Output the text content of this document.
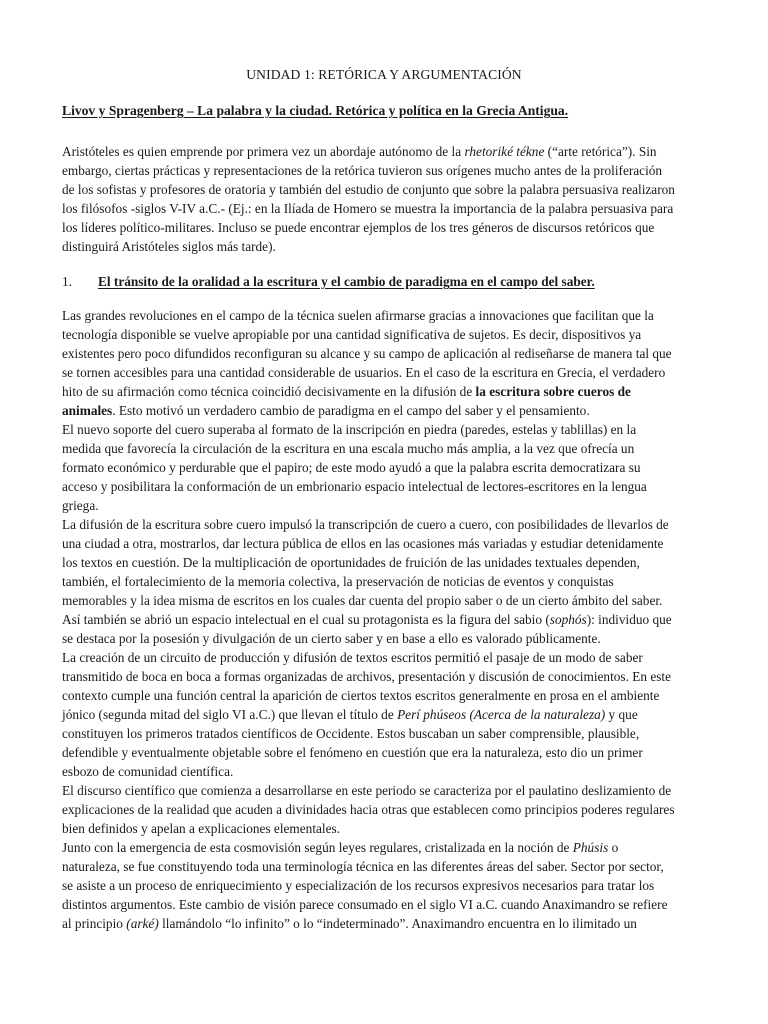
UNIDAD 1: RETÓRICA Y ARGUMENTACIÓN
Livov y Spragenberg – La palabra y la ciudad. Retórica y política en la Grecia Antigua.
Aristóteles es quien emprende por primera vez un abordaje autónomo de la rhetoriké tékne (“arte retórica”). Sin
embargo, ciertas prácticas y representaciones de la retórica tuvieron sus orígenes mucho antes de la proliferación
de los sofistas y profesores de oratoria y también del estudio de conjunto que sobre la palabra persuasiva realizaron
los filósofos -siglos V-IV a.C.- (Ej.: en la Ilíada de Homero se muestra la importancia de la palabra persuasiva para
los líderes político-militares. Incluso se puede encontrar ejemplos de los tres géneros de discursos retóricos que
distinguirá Aristóteles siglos más tarde).
1. El tránsito de la oralidad a la escritura y el cambio de paradigma en el campo del saber.

Las grandes revoluciones en el campo de la técnica suelen afirmarse gracias a innovaciones que facilitan que la
tecnología disponible se vuelve apropiable por una cantidad significativa de sujetos. Es decir, dispositivos ya
existentes pero poco difundidos reconfiguran su alcance y su campo de aplicación al rediseñarse de manera tal que
se tornen accesibles para una cantidad considerable de usuarios. En el caso de la escritura en Grecia, el verdadero
hito de su afirmación como técnica coincidió decisivamente en la difusión de la escritura sobre cueros de
animales. Esto motivó un verdadero cambio de paradigma en el campo del saber y el pensamiento.

El nuevo soporte del cuero superaba al formato de la inscripción en piedra (paredes, estelas y tablillas) en la
medida que favorecía la circulación de la escritura en una escala mucho más amplia, a la vez que ofrecía un
formato económico y perdurable que el papiro; de este modo ayudó a que la palabra escrita democratizara su
acceso y posibilitara la conformación de un embrionario espacio intelectual de lectores-escritores en la lengua
griega.

La difusión de la escritura sobre cuero impulsó la transcripción de cuero a cuero, con posibilidades de llevarlos de
una ciudad a otra, mostrarlos, dar lectura pública de ellos en las ocasiones más variadas y estudiar detenidamente
los textos en cuestión. De la multiplicación de oportunidades de fruición de las unidades textuales dependen,
también, el fortalecimiento de la memoria colectiva, la preservación de noticias de eventos y conquistas
memorables y la idea misma de escritos en los cuales dar cuenta del propio saber o de un cierto ámbito del saber.
Así también se abrió un espacio intelectual en el cual su protagonista es la figura del sabio (sophós): individuo que
se destaca por la posesión y divulgación de un cierto saber y en base a ello es valorado públicamente.

La creación de un circuito de producción y difusión de textos escritos permitió el pasaje de un modo de saber
transmitido de boca en boca a formas organizadas de archivos, presentación y discusión de conocimientos. En este
contexto cumple una función central la aparición de ciertos textos escritos generalmente en prosa en el ambiente
jónico (segunda mitad del siglo VI a.C.) que llevan el título de Perí phúseos (Acerca de la naturaleza) y que
constituyen los primeros tratados científicos de Occidente. Estos buscaban un saber comprensible, plausible,
defendible y eventualmente objetable sobre el fenómeno en cuestión que era la naturaleza, esto dio un primer
esbozo de comunidad científica.

El discurso científico que comienza a desarrollarse en este periodo se caracteriza por el paulatino deslizamiento de
explicaciones de la realidad que acuden a divinidades hacia otras que establecen como principios poderes regulares
bien definidos y apelan a explicaciones elementales.

Junto con la emergencia de esta cosmovisión según leyes regulares, cristalizada en la noción de Phúsis o
naturaleza, se fue constituyendo toda una terminología técnica en las diferentes áreas del saber. Sector por sector,
se asiste a un proceso de enriquecimiento y especialización de los recursos expresivos necesarios para tratar los
distintos argumentos. Este cambio de visión parece consumado en el siglo VI a.C. cuando Anaximandro se refiere
al principio (arké) llamándolo “lo infinito” o lo “indeterminado”. Anaximandro encuentra en lo ilimitado un
